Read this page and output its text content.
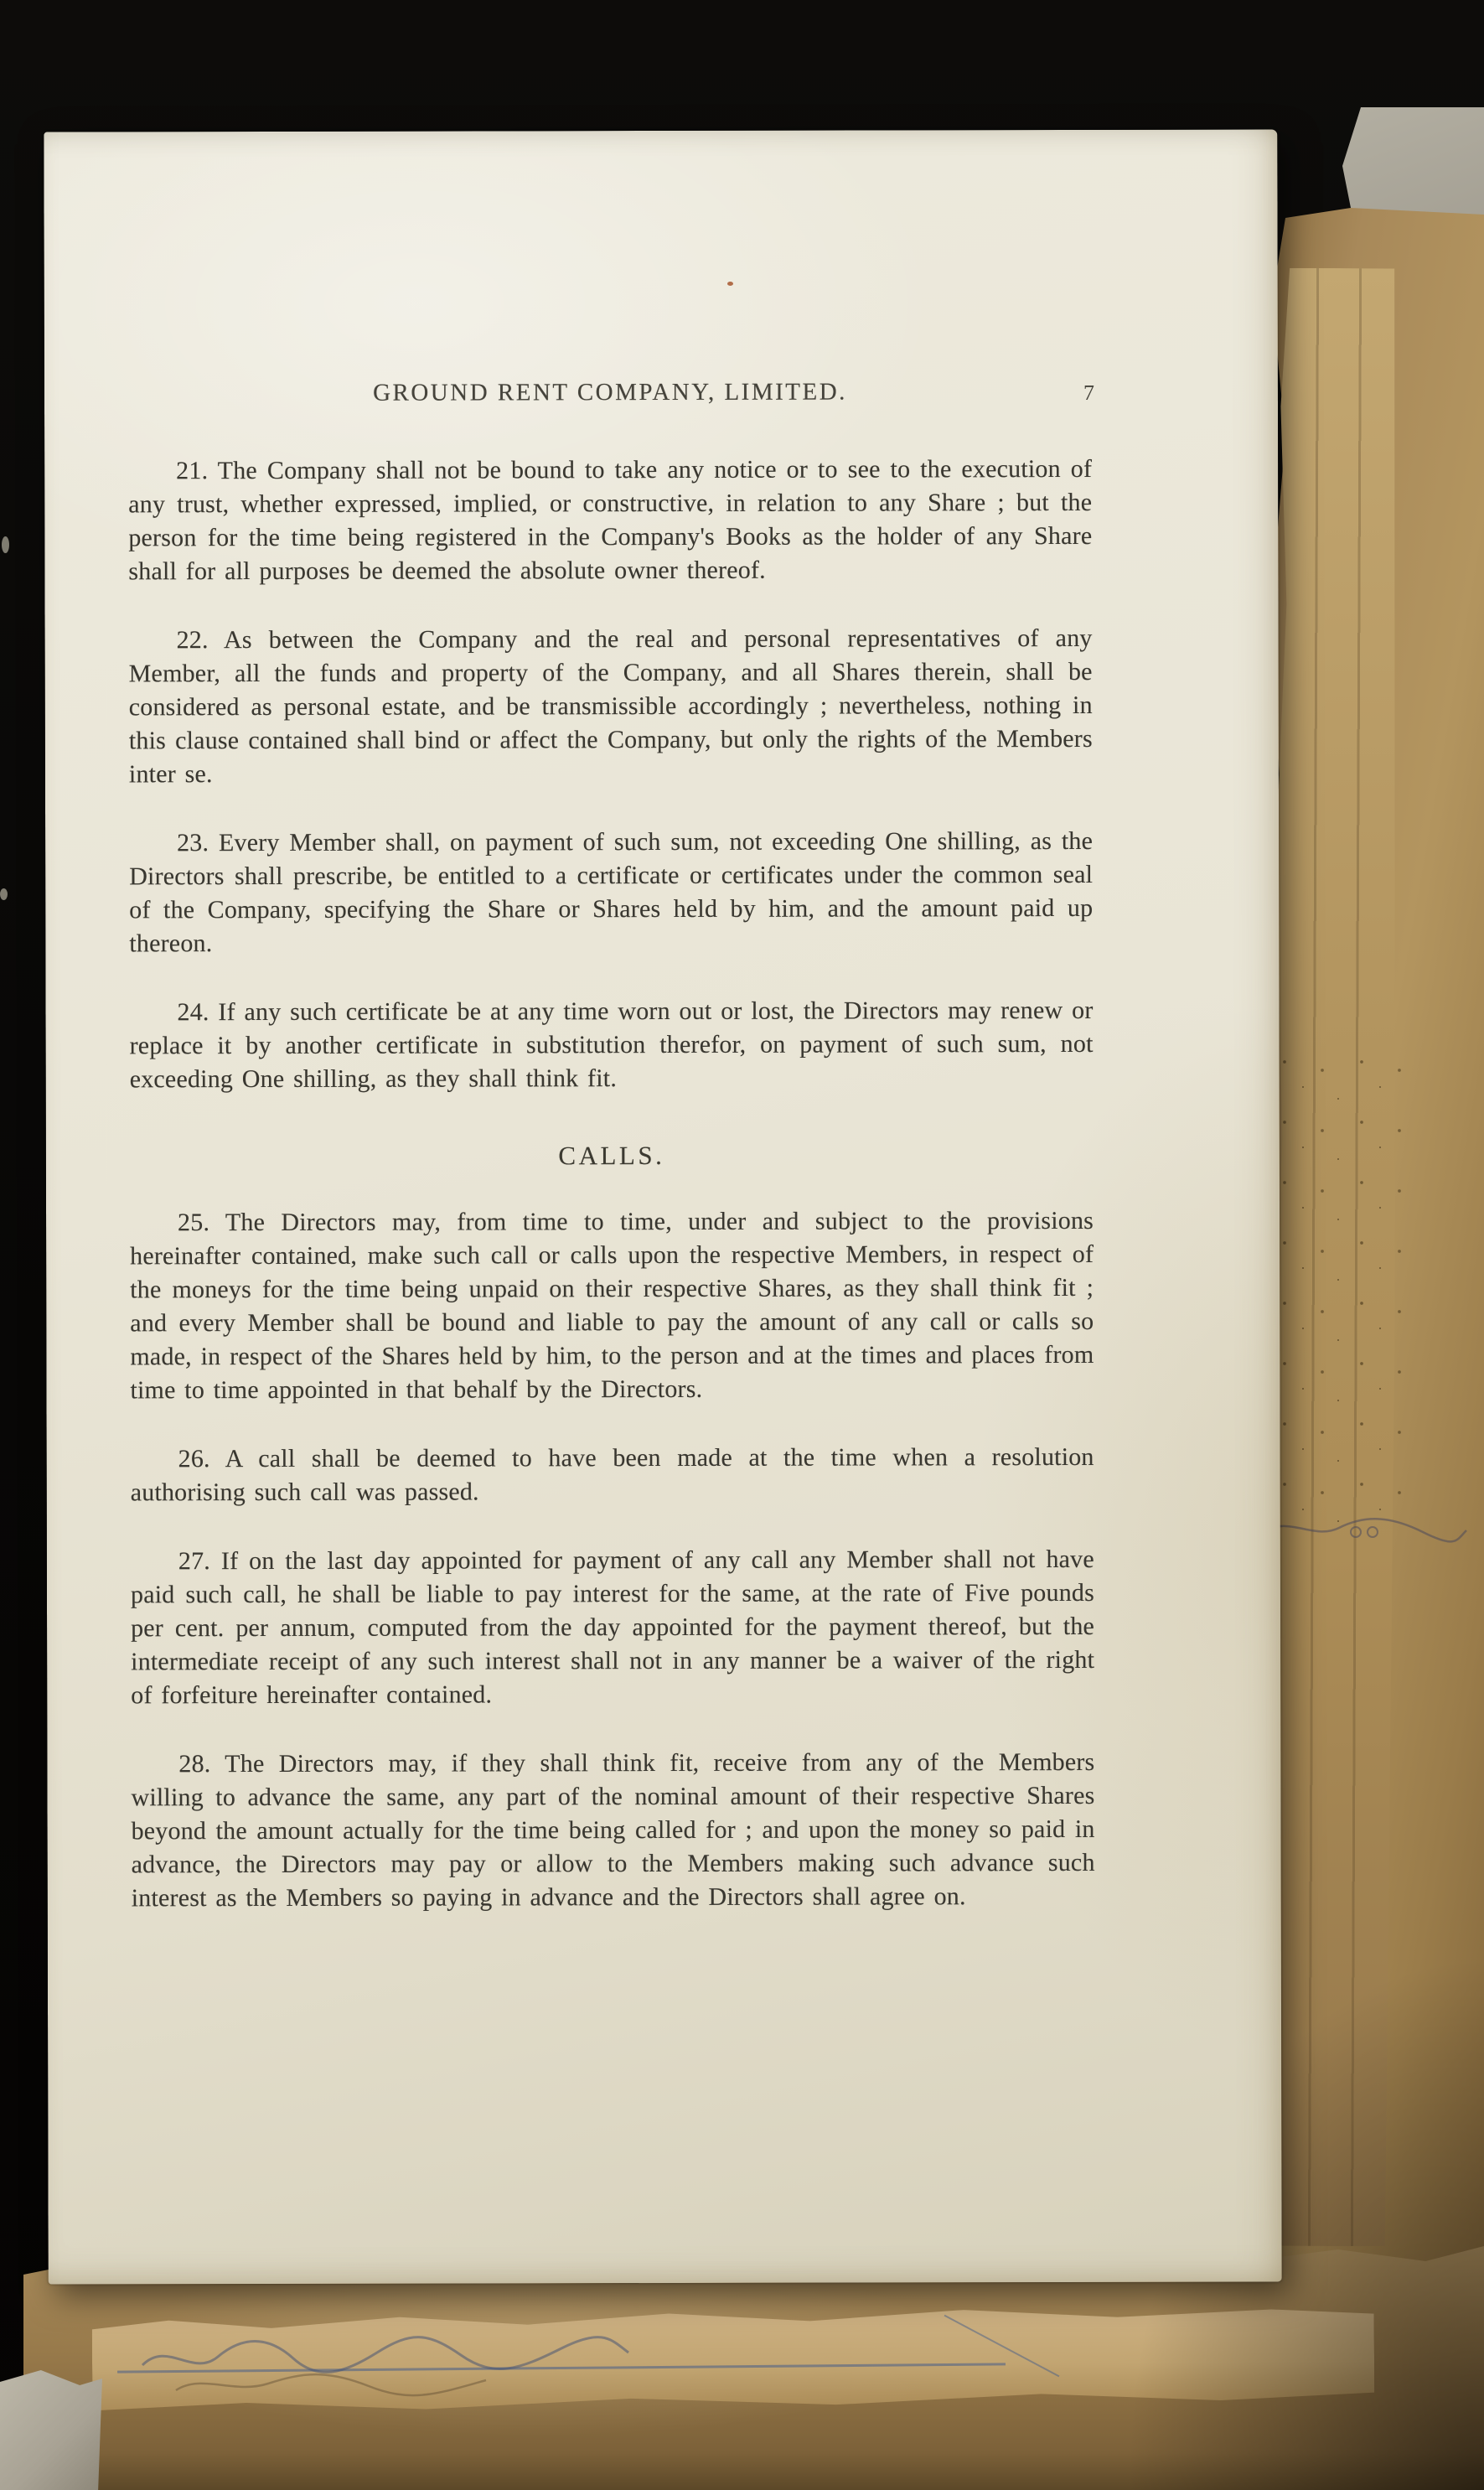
GROUND RENT COMPANY, LIMITED.	7

21. The Company shall not be bound to take any notice or to see to the execution of any trust, whether expressed, implied, or constructive, in relation to any Share ; but the person for the time being registered in the Company's Books as the holder of any Share shall for all purposes be deemed the absolute owner thereof.

22. As between the Company and the real and personal representatives of any Member, all the funds and property of the Company, and all Shares therein, shall be considered as personal estate, and be transmissible accordingly ; nevertheless, nothing in this clause contained shall bind or affect the Company, but only the rights of the Members inter se.

23. Every Member shall, on payment of such sum, not exceeding One shilling, as the Directors shall prescribe, be entitled to a certificate or certificates under the common seal of the Company, specifying the Share or Shares held by him, and the amount paid up thereon.

24. If any such certificate be at any time worn out or lost, the Directors may renew or replace it by another certificate in substitution therefor, on payment of such sum, not exceeding One shilling, as they shall think fit.

CALLS.

25. The Directors may, from time to time, under and subject to the provisions hereinafter contained, make such call or calls upon the respective Members, in respect of the moneys for the time being unpaid on their respective Shares, as they shall think fit ; and every Member shall be bound and liable to pay the amount of any call or calls so made, in respect of the Shares held by him, to the person and at the times and places from time to time appointed in that behalf by the Directors.

26. A call shall be deemed to have been made at the time when a resolution authorising such call was passed.

27. If on the last day appointed for payment of any call any Member shall not have paid such call, he shall be liable to pay interest for the same, at the rate of Five pounds per cent. per annum, computed from the day appointed for the payment thereof, but the intermediate receipt of any such interest shall not in any manner be a waiver of the right of forfeiture hereinafter contained.

28. The Directors may, if they shall think fit, receive from any of the Members willing to advance the same, any part of the nominal amount of their respective Shares beyond the amount actually for the time being called for ; and upon the money so paid in advance, the Directors may pay or allow to the Members making such advance such interest as the Members so paying in advance and the Directors shall agree on.
